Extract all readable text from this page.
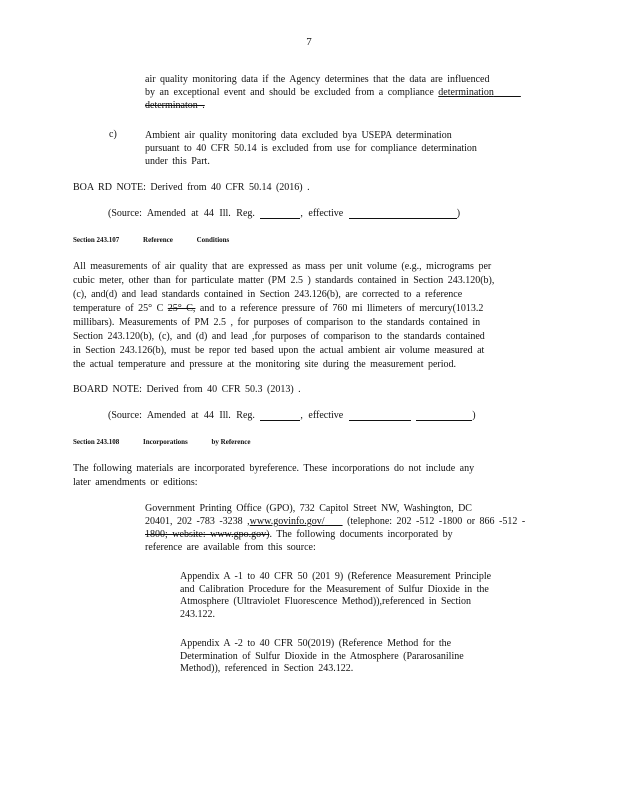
7
air quality monitoring data if the Agency determines that the data are influenced
by an exceptional event and should be excluded from a compliance determination
determinaton .
c)	Ambient air quality monitoring data excluded bya USEPA determination
pursuant to 40 CFR 50.14 is excluded from use for compliance determination
under this Part.
BOA RD NOTE: Derived from 40 CFR 50.14 (2016) .
(Source: Amended at 44 Ill. Reg.	, effective	)
Section 243.107	Reference	Conditions
All measurements of air quality that are expressed as mass per unit volume (e.g., micrograms per
cubic meter, other than for particulate matter (PM 2.5 ) standards contained in Section 243.120(b),
(c), and(d) and lead standards contained in Section 243.126(b), are corrected to a reference
temperature of 25° C 25° C, and to a reference pressure of 760 mi llimeters of mercury(1013.2
millibars). Measurements of PM 2.5 , for purposes of comparison to the standards contained in
Section 243.120(b), (c), and (d) and lead ,for purposes of comparison to the standards contained
in Section 243.126(b), must be repor ted based upon the actual ambient air volume measured at
the actual temperature and pressure at the monitoring site during the measurement period.
BOARD NOTE: Derived from 40 CFR 50.3 (2013) .
(Source: Amended at 44 Ill. Reg.	, effective	)
Section 243.108	Incorporations	by Reference
The following materials are incorporated byreference. These incorporations do not include any
later amendments or editions:
Government Printing Office (GPO), 732 Capitol Street NW, Washington, DC
20401, 202 -783 -3238 ,www.govinfo.gov/ (telephone: 202 -512 -1800 or 866 -512 -
1800; website: www.gpo.gov). The following documents incorporated by
reference are available from this source:
Appendix A -1 to 40 CFR 50 (201 9) (Reference Measurement Principle
and Calibration Procedure for the Measurement of Sulfur Dioxide in the
Atmosphere (Ultraviolet Fluorescence Method)),referenced in Section
243.122.
Appendix A -2 to 40 CFR 50(2019) (Reference Method for the
Determination of Sulfur Dioxide in the Atmosphere (Pararosaniline
Method)), referenced in Section 243.122.
